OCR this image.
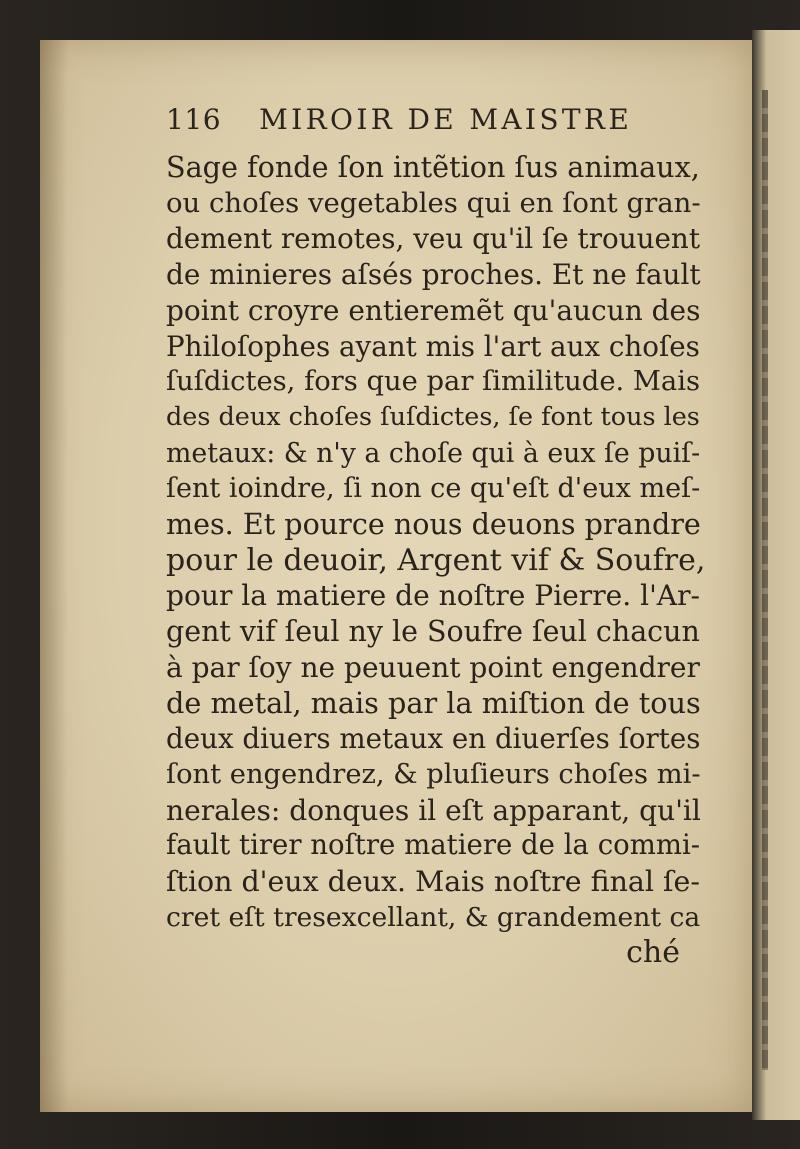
116 MIROIR DE MAISTRE
Sage fonde ſon intẽtion ſus animaux,
ou choſes vegetables qui en ſont gran-
dement remotes, veu qu'il ſe trouuent
de minieres aſsés proches. Et ne fault
point croyre entieremẽt qu'aucun des
Philoſophes ayant mis l'art aux choſes
ſuſdictes, fors que par ſimilitude. Mais
des deux choſes ſuſdictes, ſe font tous les
metaux: & n'y a choſe qui à eux ſe puiſ-
ſent ioindre, ſi non ce qu'eſt d'eux meſ-
mes. Et pource nous deuons prandre
pour le deuoir, Argent vif & Soufre,
pour la matiere de noſtre Pierre. l'Ar-
gent vif ſeul ny le Soufre ſeul chacun
à par ſoy ne peuuent point engendrer
de metal, mais par la miſtion de tous
deux diuers metaux en diuerſes ſortes
ſont engendrez, & pluſieurs choſes mi-
nerales: donques il eſt apparant, qu'il
fault tirer noſtre matiere de la commi-
ſtion d'eux deux. Mais noſtre final ſe-
cret eſt tresexcellant, & grandement ca
ché
